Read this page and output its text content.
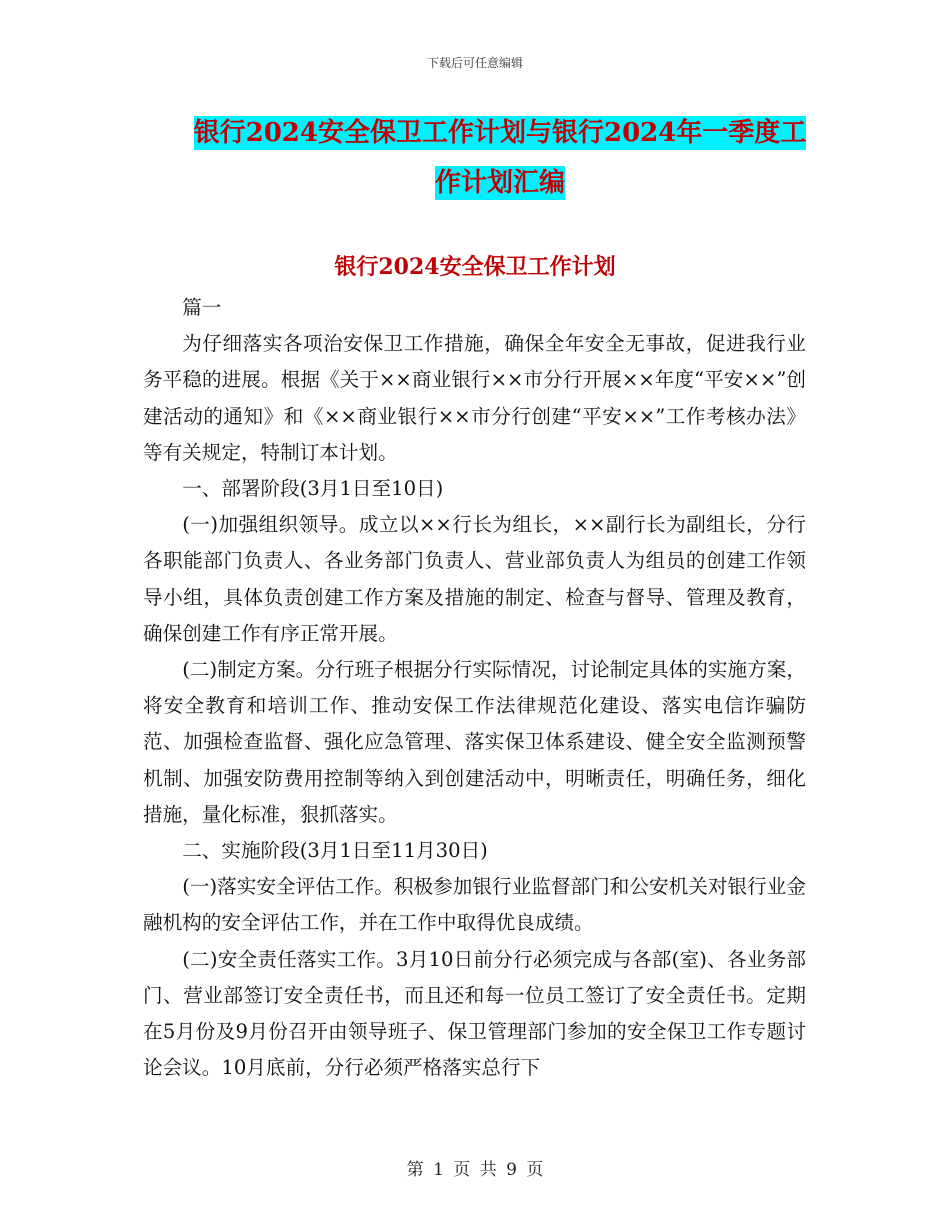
下载后可任意编辑
银行2024安全保卫工作计划与银行2024年一季度工
作计划汇编
银行2024安全保卫工作计划

篇一

为仔细落实各项治安保卫工作措施，确保全年安全无事故，促进我行业务平稳的进展。根据《关于××商业银行××市分行开展××年度“平安××”创建活动的通知》和《××商业银行××市分行创建“平安××”工作考核办法》等有关规定，特制订本计划。

一、部署阶段(3月1日至10日)

(一)加强组织领导。成立以××行长为组长，××副行长为副组长，分行各职能部门负责人、各业务部门负责人、营业部负责人为组员的创建工作领导小组，具体负责创建工作方案及措施的制定、检查与督导、管理及教育，确保创建工作有序正常开展。

(二)制定方案。分行班子根据分行实际情况，讨论制定具体的实施方案，将安全教育和培训工作、推动安保工作法律规范化建设、落实电信诈骗防范、加强检查监督、强化应急管理、落实保卫体系建设、健全安全监测预警机制、加强安防费用控制等纳入到创建活动中，明晰责任，明确任务，细化措施，量化标准，狠抓落实。

二、实施阶段(3月1日至11月30日)

(一)落实安全评估工作。积极参加银行业监督部门和公安机关对银行业金融机构的安全评估工作，并在工作中取得优良成绩。

(二)安全责任落实工作。3月10日前分行必须完成与各部(室)、各业务部门、营业部签订安全责任书，而且还和每一位员工签订了安全责任书。定期在5月份及9月份召开由领导班子、保卫管理部门参加的安全保卫工作专题讨论会议。10月底前，分行必须严格落实总行下

第 1 页 共 9 页
